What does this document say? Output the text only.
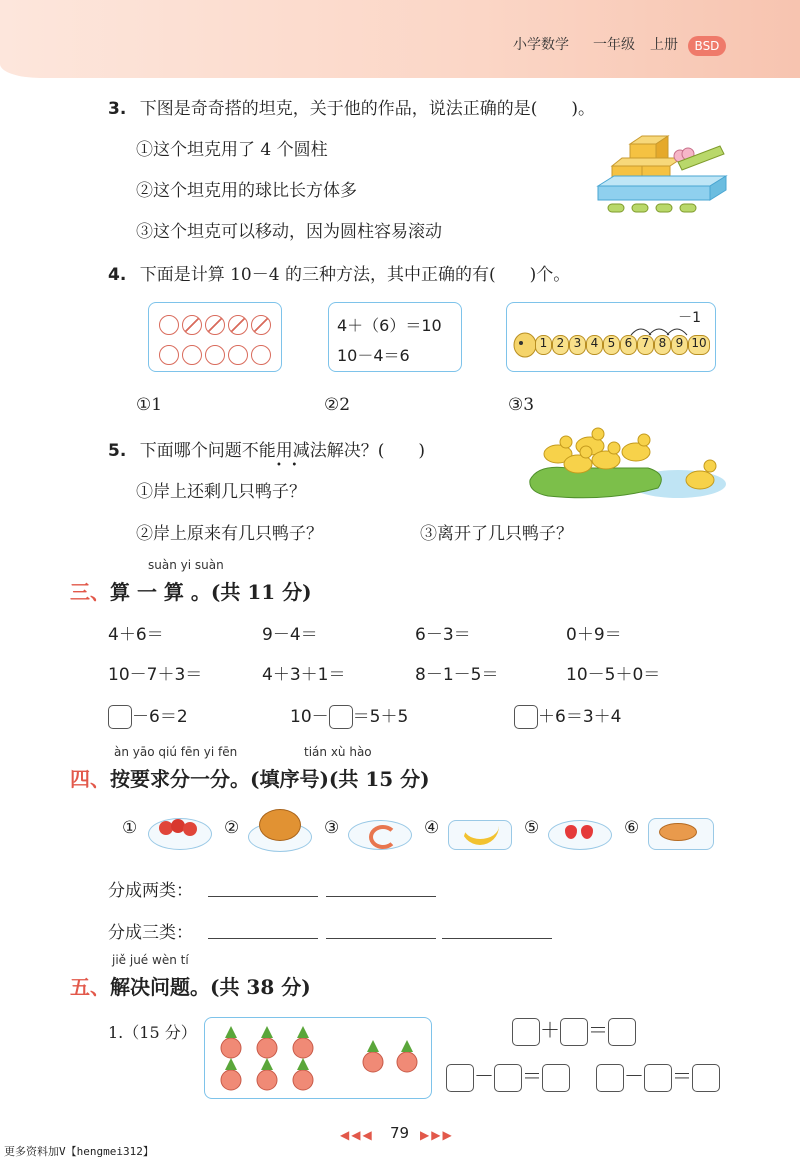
小学数学 一年级 上册	BSD
3. 下图是奇奇搭的坦克，关于他的作品，说法正确的是(　　)。
①这个坦克用了 4 个圆柱
②这个坦克用的球比长方体多
③这个坦克可以移动，因为圆柱容易滚动
4. 下面是计算 10－4 的三种方法，其中正确的有(　　)个。
4＋（6）＝10
10－4＝6
－1
1 2 3 4 5 6 7 8 9 10
①1	②2	③3
5. 下面哪个问题不能用减法解决？(　　)
•   •
①岸上还剩几只鸭子？
②岸上原来有几只鸭子？	③离开了几只鸭子？
suàn yi suàn
三、算 一 算 。(共 11 分)
4＋6＝	9－4＝	6－3＝	0＋9＝
10－7＋3＝	4＋3＋1＝	8－1－5＝	10－5＋0＝
－6＝2	10－ ＝5＋5	＋6＝3＋4
àn yāo qiú fēn yi fēn	tián xù hào
四、按要求分一分。(填序号)(共 15 分)
①	②	③	④	⑤	⑥
分成两类：
分成三类：
jiě jué wèn tí
五、解决问题。(共 38 分)
1.（15 分）	＋ ＝
－ ＝	－ ＝
◀◀◀ 79 ▶▶▶
更多资料加V【hengmei312】
